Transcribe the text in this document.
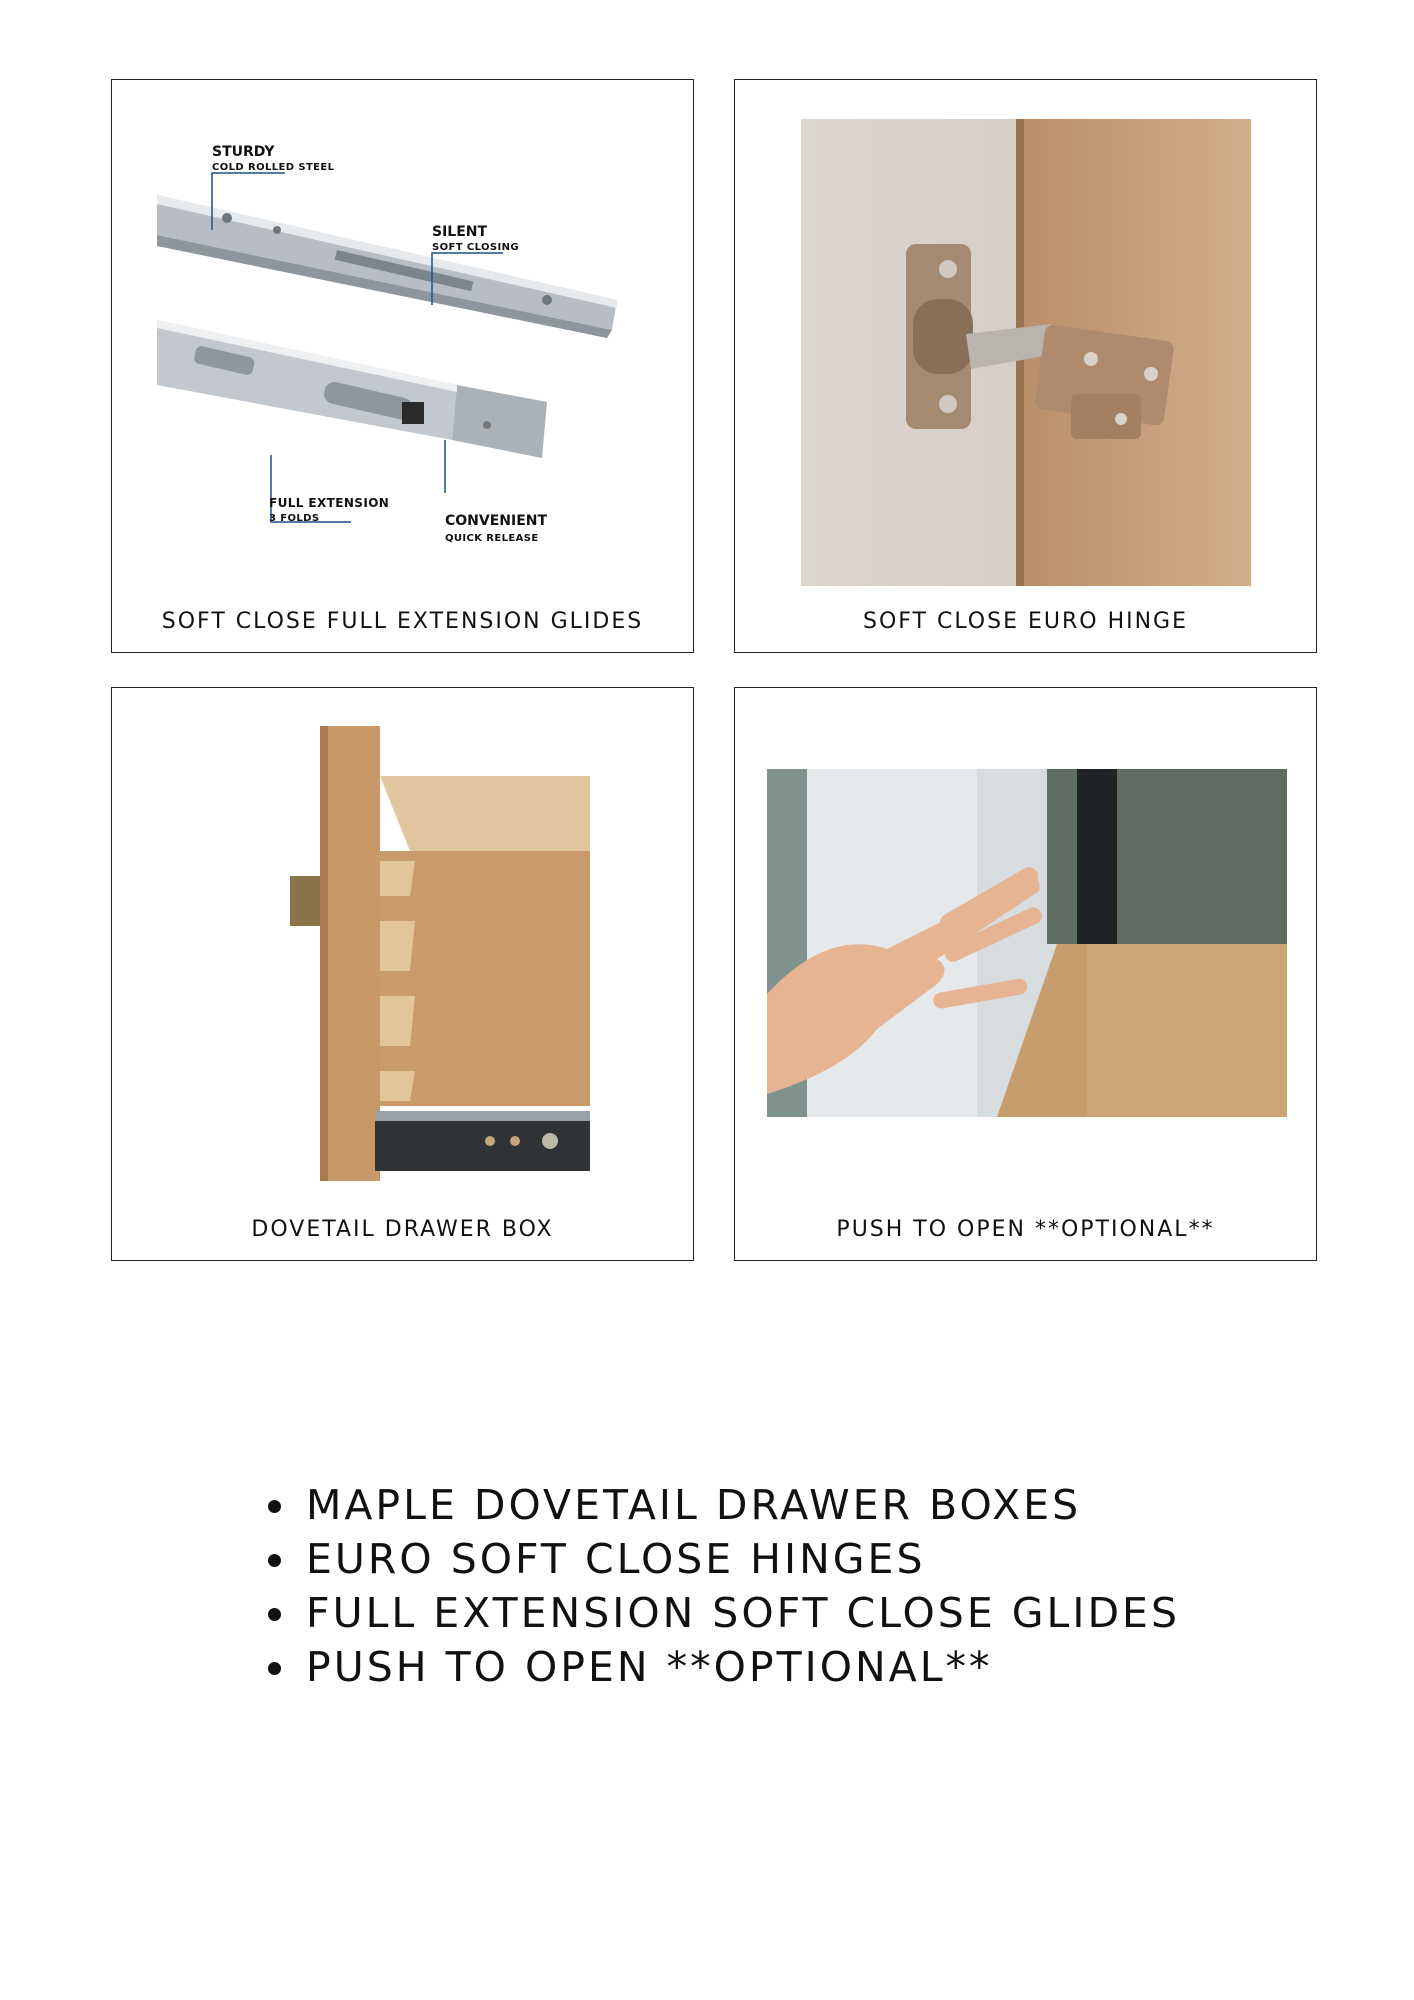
STURDY
COLD ROLLED STEEL
SILENT
SOFT CLOSING
FULL EXTENSION
3 FOLDS	CONVENIENT
QUICK RELEASE
SOFT CLOSE FULL EXTENSION GLIDES	SOFT CLOSE EURO HINGE
DOVETAIL DRAWER BOX	PUSH TO OPEN **OPTIONAL**
• MAPLE DOVETAIL DRAWER BOXES
• EURO SOFT CLOSE HINGES
• FULL EXTENSION SOFT CLOSE GLIDES
• PUSH TO OPEN **OPTIONAL**
